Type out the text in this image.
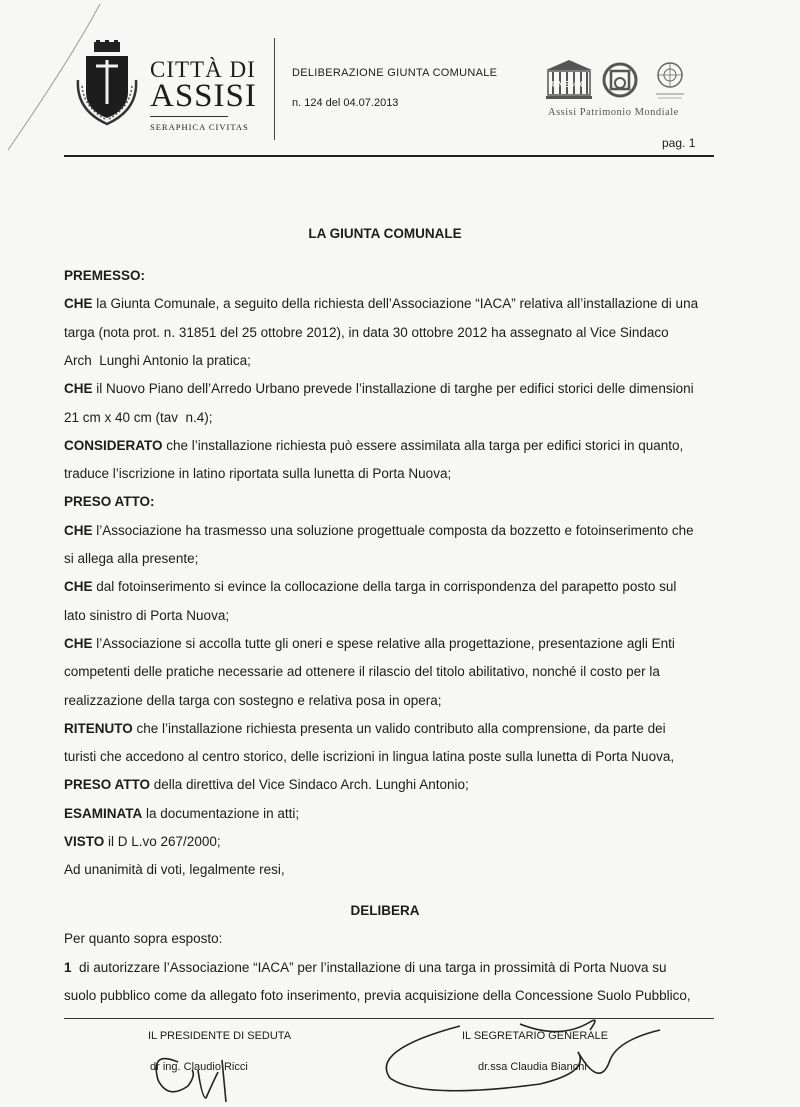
CITTÀ DI
ASSISI
SERAPHICA CIVITAS
DELIBERAZIONE GIUNTA COMUNALE
n. 124 del 04.07.2013
UNESCO
Assisi Patrimonio Mondiale
pag. 1
LA GIUNTA COMUNALE
PREMESSO:
CHE la Giunta Comunale, a seguito della richiesta dell’Associazione “IACA” relativa all’installazione di una
targa (nota prot. n. 31851 del 25 ottobre 2012), in data 30 ottobre 2012 ha assegnato al Vice Sindaco
Arch  Lunghi Antonio la pratica;
CHE il Nuovo Piano dell’Arredo Urbano prevede l’installazione di targhe per edifici storici delle dimensioni
21 cm x 40 cm (tav  n.4);
CONSIDERATO che l’installazione richiesta può essere assimilata alla targa per edifici storici in quanto,
traduce l’iscrizione in latino riportata sulla lunetta di Porta Nuova;
PRESO ATTO:
CHE l’Associazione ha trasmesso una soluzione progettuale composta da bozzetto e fotoinserimento che
si allega alla presente;
CHE dal fotoinserimento si evince la collocazione della targa in corrispondenza del parapetto posto sul
lato sinistro di Porta Nuova;
CHE l’Associazione si accolla tutte gli oneri e spese relative alla progettazione, presentazione agli Enti
competenti delle pratiche necessarie ad ottenere il rilascio del titolo abilitativo, nonché il costo per la
realizzazione della targa con sostegno e relativa posa in opera;
RITENUTO che l’installazione richiesta presenta un valido contributo alla comprensione, da parte dei
turisti che accedono al centro storico, delle iscrizioni in lingua latina poste sulla lunetta di Porta Nuova,
PRESO ATTO della direttiva del Vice Sindaco Arch. Lunghi Antonio;
ESAMINATA la documentazione in atti;
VISTO il D L.vo 267/2000;
Ad unanimità di voti, legalmente resi,
DELIBERA
Per quanto sopra esposto:
1  di autorizzare l’Associazione “IACA” per l’installazione di una targa in prossimità di Porta Nuova su
suolo pubblico come da allegato foto inserimento, previa acquisizione della Concessione Suolo Pubblico,
IL PRESIDENTE DI SEDUTA
dr ing. Claudio Ricci
IL SEGRETARIO GENERALE
dr.ssa Claudia Bianchi
